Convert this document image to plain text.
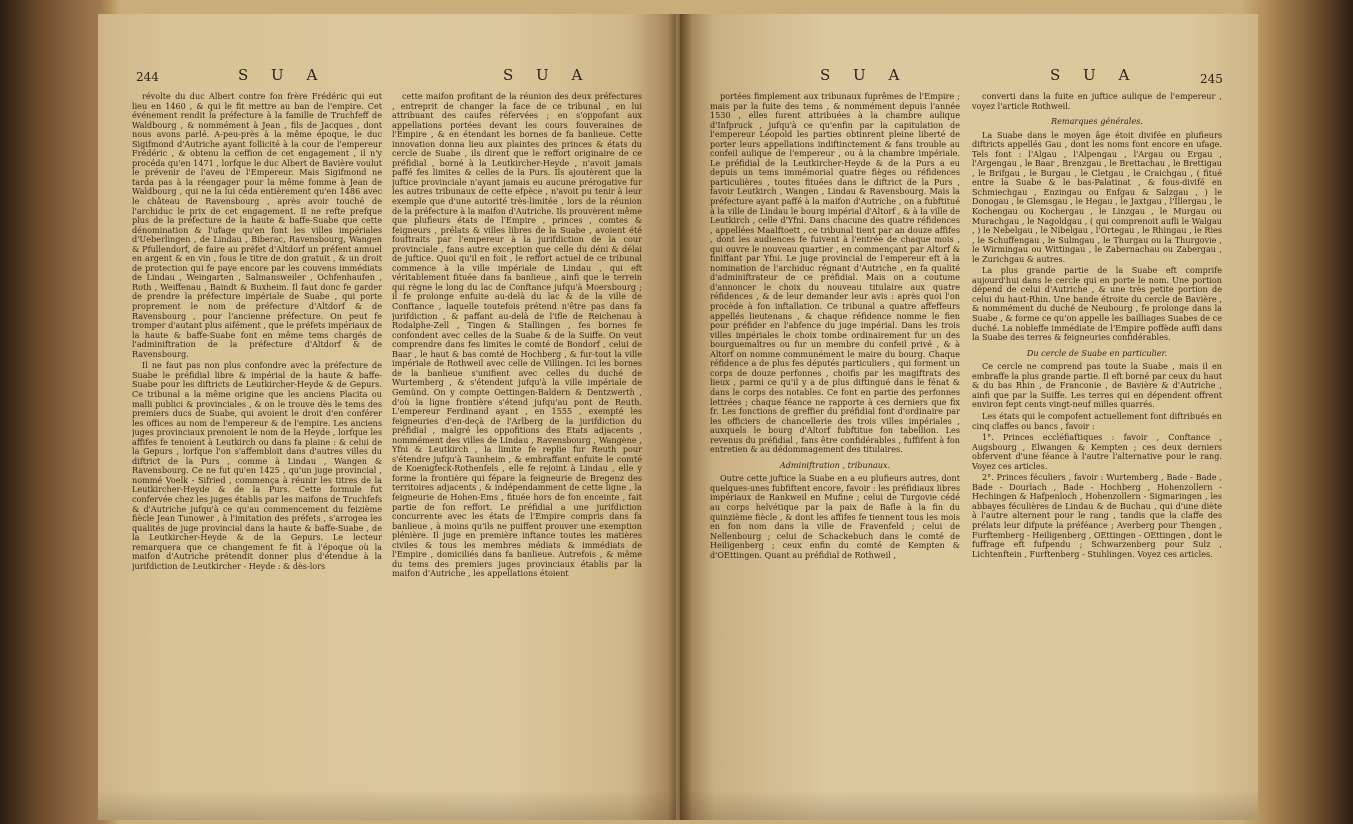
244	S U A	S U A

révolte du duc Albert contre fon frère Frédéric qui eut lieu en 1460 , & qui le fit mettre au ban de l'empire. Cet événement rendit la préfecture à la famille de Truchfeff de Waldbourg , & nommément à Jean , fils de Jacques , dont nous avons parlé. A-peu-près à la même époque, le duc Sigifmond d'Autriche ayant follicité à la cour de l'empereur Frédéric , & obtenu la ceffion de cet engagement , il n'y procéda qu'en 1471 , lorfque le duc Albert de Bavière voulut le prévenir de l'aveu de l'Empereur. Mais Sigifmond ne tarda pas à la réengager pour la même fomme à Jean de Waldbourg , qui ne la lui céda entièrement qu'en 1486 avec le château de Ravensbourg , après avoir touché de l'archiduc le prix de cet engagement. Il ne refte prefque plus de la préfecture de la haute & baffe-Suabe que cette dénomination & l'ufage qu'en font les villes impériales d'Ueberlingen , de Lindau , Biberac, Ravensbourg, Wangen & Pfullendorf, de faire au préfet d'Altdorf un préfent annuel en argent & en vin , fous le titre de don gratuit , & un droit de protection qui fe paye encore par les couvens immédiats de Lindau , Weingarten , Salmansweiler , Ochfenhaufen , Roth , Weiffenau , Baindt & Buxheim. Il faut donc fe garder de prendre la préfecture impériale de Suabe , qui porte proprement le nom de préfecture d'Altdorf & de Ravensbourg , pour l'ancienne préfecture. On peut fe tromper d'autant plus aifément , que le préfets impériaux de la haute & baffe-Suabe font en même tems chargés de l'adminiftration de la préfecture d'Altdorf & de Ravensbourg.

Il ne faut pas non plus confondre avec la préfecture de Suabe le préfidial libre & impérial de la haute & baffe-Suabe pour les diftricts de Leutkircher-Heyde & de Gepurs. Ce tribunal a la même origine que les anciens Placita ou malli publici & provinciales , & on le trouve dès le tems des premiers ducs de Suabe, qui avoient le droit d'en conférer les offices au nom de l'empereur & de l'empire. Les anciens juges provinciaux prenoient le nom de la Heyde , lorfque les affifes fe tenoient à Leutkirch ou dans fa plaine : & celui de la Gepurs , lorfque l'on s'affembloit dans d'autres villes du diftrict de la Purs , comme à Lindau , Wangen & Ravensbourg. Ce ne fut qu'en 1425 , qu'un juge provincial , nommé Voelk - Sifried , commença à réunir les titres de la Leutkircher-Heyde & de la Purs. Cette formule fut confervée chez les juges établis par les maifons de Truchfefs & d'Autriche jufqu'à ce qu'au commencement du feizième fiècle Jean Tunower , à l'imitation des préfets , s'arrogea les qualités de juge provincial dans la haute & baffe-Suabe , de la Leutkircher-Heyde & de la Gepurs. Le lecteur remarquera que ce changement fe fit à l'époque où la maifon d'Autriche prétendit donner plus d'étendue à la jurifdiction de Leutkircher - Heyde : & dès-lors

cette maifon profitant de la réunion des deux préfectures , entreprit de changer la face de ce tribunal , en lui attribuant des caufes réfervées ; en s'oppofant aux appellations portées devant les cours fouveraines de l'Empire , & en étendant les bornes de fa banlieue. Cette innovation donna lieu aux plaintes des princes & états du cercle de Suabe , ils dirent que le reffort originaire de ce préfidial , borné à la Leutkircher-Heyde , n'avoit jamais paffé fes limites & celles de la Purs. Ils ajoutèrent que la juftice provinciale n'ayant jamais eu aucune prérogative fur les autres tribunaux de cette efpèce , n'avoit pu tenir à leur exemple que d'une autorité très-limitée , lors de la réunion de la préfecture à la maifon d'Autriche. Ils prouvèrent même que plufieurs états de l'Empire , princes , comtes & feigneurs , prélats & villes libres de la Suabe , avoient été fouftraits par l'empereur à la jurifdiction de la cour provinciale , fans autre exception que celle du déni & délai de juftice. Quoi qu'il en foit , le reffort actuel de ce tribunal commence à la ville impériale de Lindau , qui eft véritablement fituée dans fa banlieue , ainfi que le terrein qui règne le long du lac de Conftance jufqu'à Moersbourg ; il fe prolonge enfuite au-delà du lac & de la ville de Conftance , laquelle toutefois prétend n'être pas dans fa jurifdiction , & paffant au-delà de l'ifle de Reichenau à Rodalphe-Zell , Tingen & Stallingen , fes bornes fe confondent avec celles de la Suabe & de la Suiffe. On veut comprendre dans fes limites le comté de Bondorf , celui de Baar , le haut & bas comté de Hochberg , & fur-tout la ville impériale de Rothweil avec celle de Villingen. Ici les bornes de la banlieue s'unifient avec celles du duché de Wurtemberg , & s'étendent jufqu'à la ville impériale de Gemünd. On y compte Oettingen-Baldern & Dentzwerth , d'où la ligne frontière s'étend jufqu'au pont de Reuth. L'empereur Ferdinand ayant , en 1555 , exempté les feigneuries d'en-deçà de l'Arlberg de la jurifdiction du préfidial , malgré les oppofitions des Etats adjacents , nommément des villes de Lindau , Ravensbourg , Wangène , Yfni & Leutkirch , la limite fe replie fur Reuth pour s'étendre jufqu'à Taunheim , & embraffant enfuite le comté de Koenigfeck-Rothenfels , elle fe rejoint à Lindau , elle y forme la frontière qui fépare la feigneurie de Bregenz des territoires adjacents , & indépendamment de cette ligne , la feigneurie de Hohen-Ems , fituée hors de fon enceinte , fait partie de fon reffort. Le préfidial a une jurifdiction concurrente avec les états de l'Empire compris dans fa banlieue , à moins qu'ils ne puiffent prouver une exemption plénière. Il juge en première inftance toutes les matières civiles & tous les membres médiats & immédiats de l'Empire , domiciliés dans fa banlieue. Autrefois , & même du tems des premiers juges provinciaux établis par la maifon d'Autriche , les appellations étoient

S U A	S U A	245

portées fimplement aux tribunaux fuprêmes de l'Empire ; mais par la fuite des tems , & nommément depuis l'année 1530 , elles furent attribuées à la chambre aulique d'Infpruck , jufqu'à ce qu'enfin par la capitulation de l'empereur Léopold les parties obtinrent pleine liberté de porter leurs appellations indiftinctement & fans trouble au confeil aulique de l'empereur , ou à la chambre impériale. Le préfidial de la Leutkircher-Heyde & de la Purs a eu depuis un tems immémorial quatre fièges ou réfidences particulières , toutes fituées dans le diftrict de la Purs , favoir Leutkirch , Wangen , Lindau & Ravensbourg. Mais la préfecture ayant paffé à la maifon d'Autriche , on a fubftitué à la ville de Lindau le bourg impérial d'Altorf , & à la ville de Leutkirch , celle d'Yfni. Dans chacune des quatre réfidences , appellées Maalftoett , ce tribunal tient par an douze affifes , dont les audiences fe fuivent à l'entrée de chaque mois , qui ouvre le nouveau quartier , en commençant par Altorf & finiffant par Yfni. Le juge provincial de l'empereur eft à la nomination de l'archiduc régnant d'Autriche , en fa qualité d'adminiftrateur de ce préfidial. Mais on a coutume d'annoncer le choix du nouveau titulaire aux quatre réfidences , & de leur demander leur avis : après quoi l'on procède à fon inftallation. Ce tribunal a quatre affeffeurs appellés lieutenans , & chaque réfidence nomme le fien pour préfider en l'abfence du juge impérial. Dans les trois villes impériales le choix tombe ordinairement fur un des bourguemaîtres ou fur un membre du confeil privé , & à Altorf on nomme communément le maire du bourg. Chaque réfidence a de plus fes députés particuliers , qui forment un corps de douze perfonnes , choifis par les magiftrats des lieux , parmi ce qu'il y a de plus diftingué dans le fénat & dans le corps des notables. Ce font en partie des perfonnes lettrées ; chaque féance ne rapporte à ces derniers que fix fr. Les fonctions de greffier du préfidial font d'ordinaire par les officiers de chancellerie des trois villes impériales , auxquels le bourg d'Altorf fubftitue fon tabellion. Les revenus du préfidial , fans être confidérables , fuffifent à fon entretien & au dédommagement des titulaires.

Adminiftration , tribunaux.

Outre cette juftice la Suabe en a eu plufieurs autres, dont quelques-unes fubfiftent encore, favoir : les préfidiaux libres impériaux de Rankweil en Mufine ; celui de Turgovie cédé au corps helvétique par la paix de Bafle à la fin du quinzième fiècle , & dont les affifes fe tiennent tous les mois en fon nom dans la ville de Fravenfeld ; celui de Nellenbourg ; celui de Schackebuch dans le comté de Heiligenberg ; ceux enfin du comté de Kempten & d'OEttingen. Quant au préfidial de Rothweil ,

converti dans la fuite en juftice aulique de l'empereur , voyez l'article Rothweil.

Remarques générales.

La Suabe dans le moyen âge étoit divifée en plufieurs diftricts appellés Gau , dont les noms font encore en ufage. Tels font : l'Algau , l'Alpengau , l'Argau ou Ergau , l'Argengau , le Baar , Brenzgau , le Brettachau , le Brettigau , le Brifgau , le Burgau , le Cletgau , le Craichgau , ( fitué entre la Suabe & le bas-Palatinat , & fous-divifé en Schmiechgau , Enzingau ou Enfgau & Salzgau , ) le Donogau , le Glemsgau , le Hegau , le Jaxtgau , l'Illergau , le Kochengau ou Kochergau , le Linzgau , le Murgau ou Murachgau , le Nagoldgau , ( qui comprenoit aufli le Walgau , ) le Nebelgau , le Nibelgau , l'Ortegau , le Rhingau , le Ries , le Schuffengau , le Sulmgau , le Thurgau ou la Thurgovie , le Wirmingau ou Wittingau , le Zabernachau ou Zabergau , le Zurichgau & autres.

La plus grande partie de la Suabe eft comprife aujourd'hui dans le cercle qui en porte le nom. Une portion dépend de celui d'Autriche , & une très petite portion de celui du haut-Rhin. Une bande étroite du cercle de Bavière , & nommément du duché de Neubourg , fe prolonge dans la Suabe , & forme ce qu'on appelle les bailliages Suabes de ce duché. La nobleffe immédiate de l'Empire poffède auffi dans la Suabe des terres & feigneuries confidérables.

Du cercle de Suabe en particulier.

Ce cercle ne comprend pas toute la Suabe , mais il en embraffe la plus grande partie. Il eft borné par ceux du haut & du bas Rhin , de Franconie , de Bavière & d'Autriche , ainfi que par la Suiffe. Les terres qui en dépendent offrent environ fept cents vingt-neuf milles quarrés.

Les états qui le compofent actuellement font diftribués en cinq claffes ou bancs , favoir :

1°. Princes eccléfiaftiques : favoir , Conftance , Augsbourg , Elwangen & Kempten ; ces deux derniers obfervent d'une féance à l'autre l'alternative pour le rang. Voyez ces articles.

2°. Princes féculiers , favoir : Wurtemberg , Bade - Bade , Bade - Dourlach , Bade - Hochberg , Hohenzollern - Hechingen & Hafpenloch , Hohenzollern - Sigmaringen , les abbayes féculières de Lindau & de Buchau , qui d'une diète à l'autre alternent pour le rang , tandis que la claffe des prélats leur difpute la préféance ; Averberg pour Thengen , Furftemberg - Heiligenberg , OEttingen - OEttingen , dont le fuffrage eft fufpendu ; Schwarzenberg pour Sulz , Lichtenftein , Furftenberg - Stuhlingen. Voyez ces articles.
